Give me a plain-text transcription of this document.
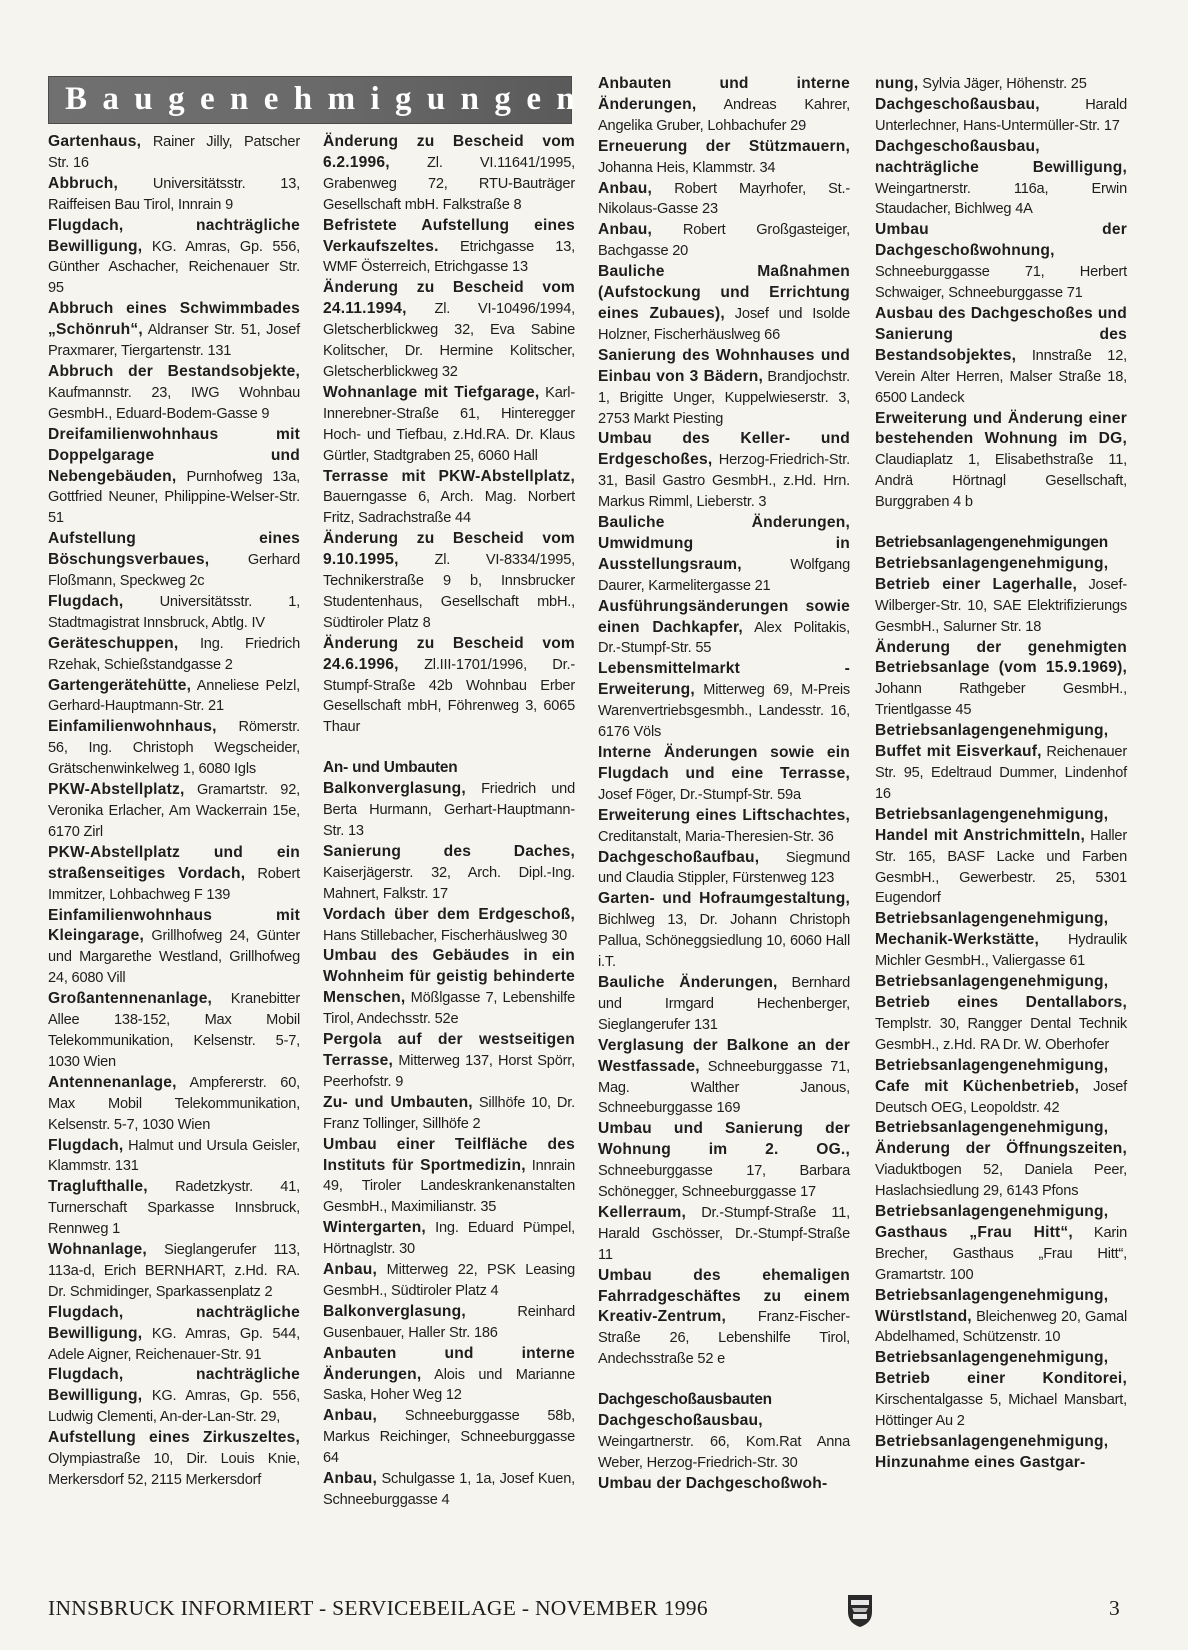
Baugenehmigungen

Gartenhaus, Rainer Jilly, Patscher Str. 16

Abbruch, Universitätsstr. 13, Raiffeisen Bau Tirol, Innrain 9

Flugdach, nachträgliche Bewilligung, KG. Amras, Gp. 556, Günther Aschacher, Reichenauer Str. 95

Abbruch eines Schwimmbades „Schönruh“, Aldranser Str. 51, Josef Praxmarer, Tiergartenstr. 131

Abbruch der Bestandsobjekte, Kaufmannstr. 23, IWG Wohnbau GesmbH., Eduard-Bodem-Gasse 9

Dreifamilienwohnhaus mit Doppelgarage und Nebengebäuden, Purnhofweg 13a, Gottfried Neuner, Philippine-Welser-Str. 51

Aufstellung eines Böschungsverbaues, Gerhard Floßmann, Speckweg 2c

Flugdach, Universitätsstr. 1, Stadtmagistrat Innsbruck, Abtlg. IV

Geräteschuppen, Ing. Friedrich Rzehak, Schießstandgasse 2

Gartengerätehütte, Anneliese Pelzl, Gerhard-Hauptmann-Str. 21

Einfamilienwohnhaus, Römerstr. 56, Ing. Christoph Wegscheider, Grätschenwinkelweg 1, 6080 Igls

PKW-Abstellplatz, Gramartstr. 92, Veronika Erlacher, Am Wackerrain 15e, 6170 Zirl

PKW-Abstellplatz und ein straßenseitiges Vordach, Robert Immitzer, Lohbachweg F 139

Einfamilienwohnhaus mit Kleingarage, Grillhofweg 24, Günter und Margarethe Westland, Grillhofweg 24, 6080 Vill

Großantennenanlage, Kranebitter Allee 138-152, Max Mobil Telekommunikation, Kelsenstr. 5-7, 1030 Wien

Antennenanlage, Ampfererstr. 60, Max Mobil Telekommunikation, Kelsenstr. 5-7, 1030 Wien

Flugdach, Halmut und Ursula Geisler, Klammstr. 131

Traglufthalle, Radetzkystr. 41, Turnerschaft Sparkasse Innsbruck, Rennweg 1

Wohnanlage, Sieglangerufer 113, 113a-d, Erich BERNHART, z.Hd. RA. Dr. Schmidinger, Sparkassenplatz 2

Flugdach, nachträgliche Bewilligung, KG. Amras, Gp. 544, Adele Aigner, Reichenauer-Str. 91

Flugdach, nachträgliche Bewilligung, KG. Amras, Gp. 556, Ludwig Clementi, An-der-Lan-Str. 29,

Aufstellung eines Zirkuszeltes, Olympiastraße 10, Dir. Louis Knie, Merkersdorf 52, 2115 Merkersdorf

Änderung zu Bescheid vom 6.2.1996, Zl. VI.11641/1995, Grabenweg 72, RTU-Bauträger Gesellschaft mbH. Falkstraße 8

Befristete Aufstellung eines Verkaufszeltes. Etrichgasse 13, WMF Österreich, Etrichgasse 13

Änderung zu Bescheid vom 24.11.1994, Zl. VI-10496/1994, Gletscherblickweg 32, Eva Sabine Kolitscher, Dr. Hermine Kolitscher, Gletscherblickweg 32

Wohnanlage mit Tiefgarage, Karl-Innerebner-Straße 61, Hinteregger Hoch- und Tiefbau, z.Hd.RA. Dr. Klaus Gürtler, Stadtgraben 25, 6060 Hall

Terrasse mit PKW-Abstellplatz, Bauerngasse 6, Arch. Mag. Norbert Fritz, Sadrachstraße 44

Änderung zu Bescheid vom 9.10.1995, Zl. VI-8334/1995, Technikerstraße 9 b, Innsbrucker Studentenhaus, Gesellschaft mbH., Südtiroler Platz 8

Änderung zu Bescheid vom 24.6.1996, Zl.III-1701/1996, Dr.-Stumpf-Straße 42b Wohnbau Erber Gesellschaft mbH, Föhrenweg 3, 6065 Thaur

An- und Umbauten

Balkonverglasung, Friedrich und Berta Hurmann, Gerhart-Hauptmann-Str. 13

Sanierung des Daches, Kaiserjägerstr. 32, Arch. Dipl.-Ing. Mahnert, Falkstr. 17

Vordach über dem Erdgeschoß, Hans Stillebacher, Fischerhäuslweg 30

Umbau des Gebäudes in ein Wohnheim für geistig behinderte Menschen, Mößlgasse 7, Lebenshilfe Tirol, Andechsstr. 52e

Pergola auf der westseitigen Terrasse, Mitterweg 137, Horst Spörr, Peerhofstr. 9

Zu- und Umbauten, Sillhöfe 10, Dr. Franz Tollinger, Sillhöfe 2

Umbau einer Teilfläche des Instituts für Sportmedizin, Innrain 49, Tiroler Landeskrankenanstalten GesmbH., Maximilianstr. 35

Wintergarten, Ing. Eduard Pümpel, Hörtnaglstr. 30

Anbau, Mitterweg 22, PSK Leasing GesmbH., Südtiroler Platz 4

Balkonverglasung, Reinhard Gusenbauer, Haller Str. 186

Anbauten und interne Änderungen, Alois und Marianne Saska, Hoher Weg 12

Anbau, Schneeburggasse 58b, Markus Reichinger, Schneeburggasse 64

Anbau, Schulgasse 1, 1a, Josef Kuen, Schneeburggasse 4

Anbauten und interne Änderungen, Andreas Kahrer, Angelika Gruber, Lohbachufer 29

Erneuerung der Stützmauern, Johanna Heis, Klammstr. 34

Anbau, Robert Mayrhofer, St.-Nikolaus-Gasse 23

Anbau, Robert Großgasteiger, Bachgasse 20

Bauliche Maßnahmen (Aufstockung und Errichtung eines Zubaues), Josef und Isolde Holzner, Fischerhäuslweg 66

Sanierung des Wohnhauses und Einbau von 3 Bädern, Brandjochstr. 1, Brigitte Unger, Kuppelwieserstr. 3, 2753 Markt Piesting

Umbau des Keller- und Erdgeschoßes, Herzog-Friedrich-Str. 31, Basil Gastro GesmbH., z.Hd. Hrn. Markus Rimml, Lieberstr. 3

Bauliche Änderungen, Umwidmung in Ausstellungsraum, Wolfgang Daurer, Karmelitergasse 21

Ausführungsänderungen sowie einen Dachkapfer, Alex Politakis, Dr.-Stumpf-Str. 55

Lebensmittelmarkt - Erweiterung, Mitterweg 69, M-Preis Warenvertriebsgesmbh., Landesstr. 16, 6176 Völs

Interne Änderungen sowie ein Flugdach und eine Terrasse, Josef Föger, Dr.-Stumpf-Str. 59a

Erweiterung eines Liftschachtes, Creditanstalt, Maria-Theresien-Str. 36

Dachgeschoßaufbau, Siegmund und Claudia Stippler, Fürstenweg 123

Garten- und Hofraumgestaltung, Bichlweg 13, Dr. Johann Christoph Pallua, Schöneggsiedlung 10, 6060 Hall i.T.

Bauliche Änderungen, Bernhard und Irmgard Hechenberger, Sieglangerufer 131

Verglasung der Balkone an der Westfassade, Schneeburggasse 71, Mag. Walther Janous, Schneeburggasse 169

Umbau und Sanierung der Wohnung im 2. OG., Schneeburggasse 17, Barbara Schönegger, Schneeburggasse 17

Kellerraum, Dr.-Stumpf-Straße 11, Harald Gschösser, Dr.-Stumpf-Straße 11

Umbau des ehemaligen Fahrradgeschäftes zu einem Kreativ-Zentrum, Franz-Fischer-Straße 26, Lebenshilfe Tirol, Andechsstraße 52 e

Dachgeschoßausbauten

Dachgeschoßausbau, Weingartnerstr. 66, Kom.Rat Anna Weber, Herzog-Friedrich-Str. 30

Umbau der Dachgeschoßwoh-

nung, Sylvia Jäger, Höhenstr. 25

Dachgeschoßausbau, Harald Unterlechner, Hans-Untermüller-Str. 17

Dachgeschoßausbau, nachträgliche Bewilligung, Weingartnerstr. 116a, Erwin Staudacher, Bichlweg 4A

Umbau der Dachgeschoßwohnung, Schneeburggasse 71, Herbert Schwaiger, Schneeburggasse 71

Ausbau des Dachgeschoßes und Sanierung des Bestandsobjektes, Innstraße 12, Verein Alter Herren, Malser Straße 18, 6500 Landeck

Erweiterung und Änderung einer bestehenden Wohnung im DG, Claudiaplatz 1, Elisabethstraße 11, Andrä Hörtnagl Gesellschaft, Burggraben 4 b

Betriebsanlagengenehmigungen

Betriebsanlagengenehmigung, Betrieb einer Lagerhalle, Josef-Wilberger-Str. 10, SAE Elektrifizierungs GesmbH., Salurner Str. 18

Änderung der genehmigten Betriebsanlage (vom 15.9.1969), Johann Rathgeber GesmbH., Trientlgasse 45

Betriebsanlagengenehmigung, Buffet mit Eisverkauf, Reichenauer Str. 95, Edeltraud Dummer, Lindenhof 16

Betriebsanlagengenehmigung, Handel mit Anstrichmitteln, Haller Str. 165, BASF Lacke und Farben GesmbH., Gewerbestr. 25, 5301 Eugendorf

Betriebsanlagengenehmigung, Mechanik-Werkstätte, Hydraulik Michler GesmbH., Valiergasse 61

Betriebsanlagengenehmigung, Betrieb eines Dentallabors, Templstr. 30, Rangger Dental Technik GesmbH., z.Hd. RA Dr. W. Oberhofer

Betriebsanlagengenehmigung, Cafe mit Küchenbetrieb, Josef Deutsch OEG, Leopoldstr. 42

Betriebsanlagengenehmigung, Änderung der Öffnungszeiten, Viaduktbogen 52, Daniela Peer, Haslachsiedlung 29, 6143 Pfons

Betriebsanlagengenehmigung, Gasthaus „Frau Hitt“, Karin Brecher, Gasthaus „Frau Hitt“, Gramartstr. 100

Betriebsanlagengenehmigung, Würstlstand, Bleichenweg 20, Gamal Abdelhamed, Schützenstr. 10

Betriebsanlagengenehmigung, Betrieb einer Konditorei, Kirschentalgasse 5, Michael Mansbart, Höttinger Au 2

Betriebsanlagengenehmigung, Hinzunahme eines Gastgar-

INNSBRUCK INFORMIERT - SERVICEBEILAGE - NOVEMBER 1996	3
